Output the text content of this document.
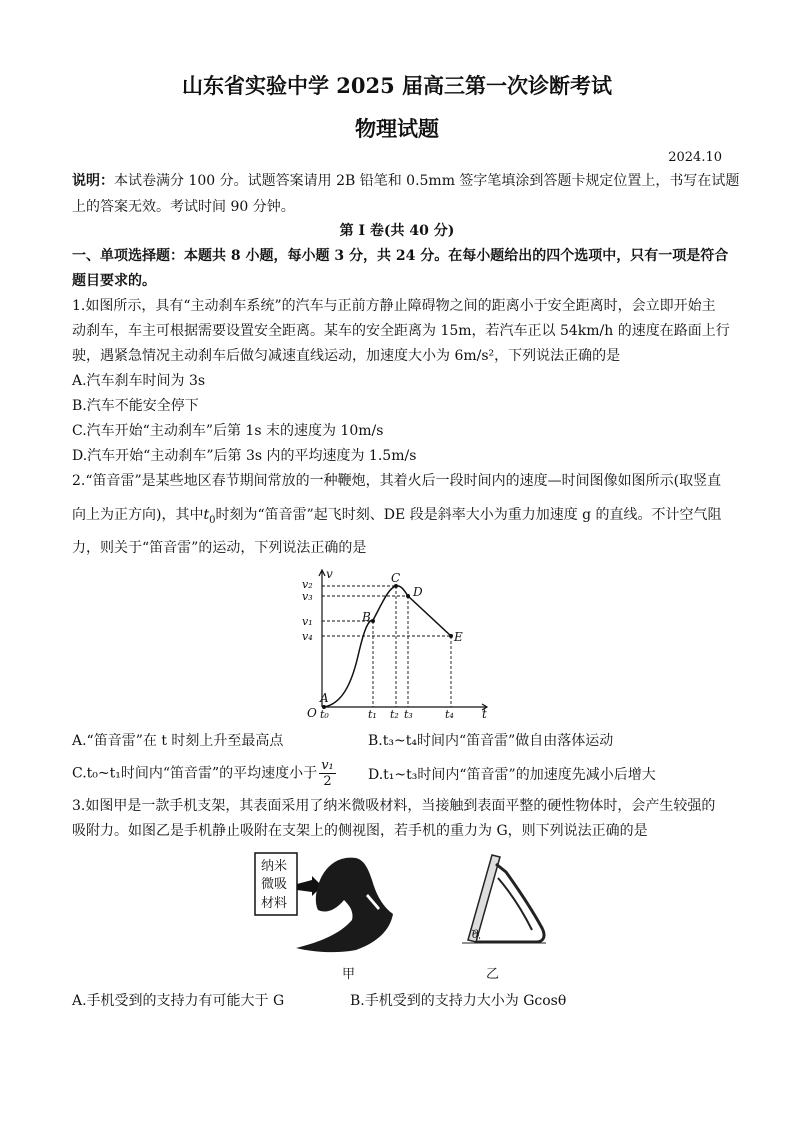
山东省实验中学 2025 届高三第一次诊断考试
物理试题
2024.10
说明：本试卷满分 100 分。试题答案请用 2B 铅笔和 0.5mm 签字笔填涂到答题卡规定位置上，书写在试题
上的答案无效。考试时间 90 分钟。
第 I 卷(共 40 分)
一、单项选择题：本题共 8 小题，每小题 3 分，共 24 分。在每小题给出的四个选项中，只有一项是符合
题目要求的。
1.如图所示，具有“主动刹车系统”的汽车与正前方静止障碍物之间的距离小于安全距离时，会立即开始主
动刹车，车主可根据需要设置安全距离。某车的安全距离为 15m，若汽车正以 54km/h 的速度在路面上行
驶，遇紧急情况主动刹车后做匀减速直线运动，加速度大小为 6m/s²，下列说法正确的是
A.汽车刹车时间为 3s
B.汽车不能安全停下
C.汽车开始“主动刹车”后第 1s 末的速度为 10m/s
D.汽车开始“主动刹车”后第 3s 内的平均速度为 1.5m/s
2.“笛音雷”是某些地区春节期间常放的一种鞭炮，其着火后一段时间内的速度—时间图像如图所示(取竖直
向上为正方向)，其中$t_0$时刻为“笛音雷”起飞时刻、DE 段是斜率大小为重力加速度 g 的直线。不计空气阻
力，则关于“笛音雷”的运动，下列说法正确的是
v
t
O
A
B
C
D
E
v₂
v₃
v₁
v₄
t₀	t₁ t₂ t₃	t₄
A.“笛音雷”在 t 时刻上升至最高点	B.t₃~t₄时间内“笛音雷”做自由落体运动
C.t₀~t₁时间内“笛音雷”的平均速度小于 $\frac{\text{v₁}}{2}$ D.t₁~t₃时间内“笛音雷”的加速度先减小后增大
3.如图甲是一款手机支架，其表面采用了纳米微吸材料，当接触到表面平整的硬性物体时，会产生较强的
吸附力。如图乙是手机静止吸附在支架上的侧视图，若手机的重力为 G，则下列说法正确的是
纳米
微吸
材料
甲
θ
乙
A.手机受到的支持力有可能大于 G	B.手机受到的支持力大小为 Gcosθ
